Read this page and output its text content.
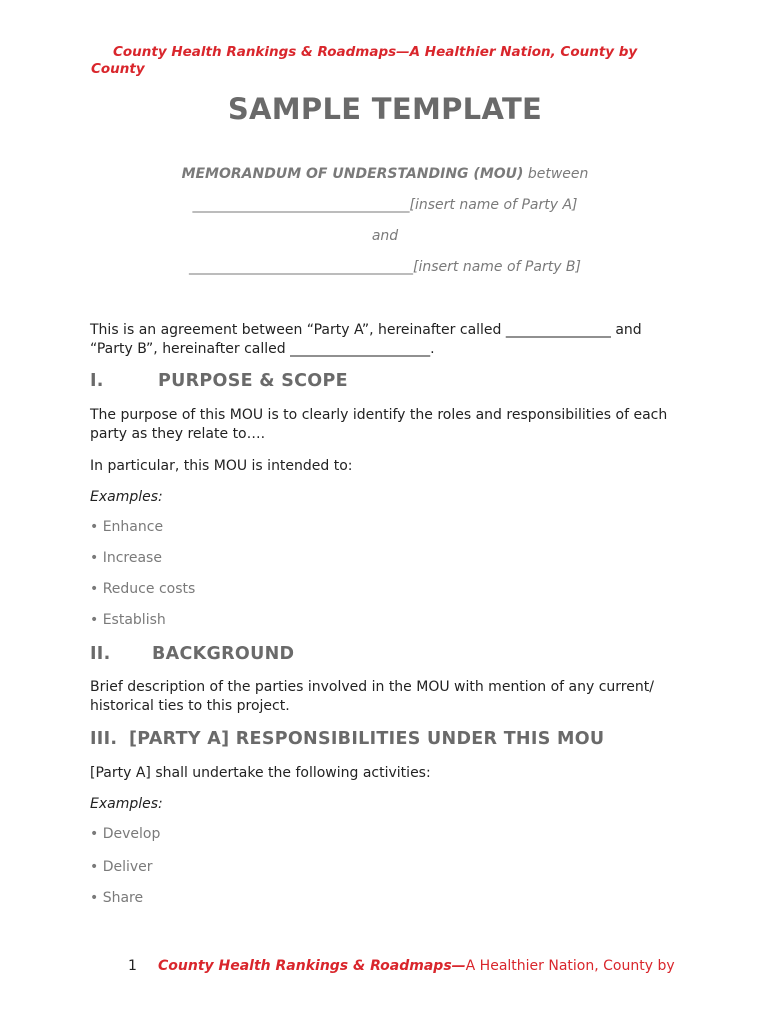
County Health Rankings & Roadmaps—A Healthier Nation, County by
County
SAMPLE TEMPLATE
MEMORANDUM OF UNDERSTANDING (MOU) between
_______________________________[insert name of Party A]
and
________________________________[insert name of Party B]
This is an agreement between “Party A”, hereinafter called _______________ and
“Party B”, hereinafter called ____________________.
I.	PURPOSE & SCOPE
The purpose of this MOU is to clearly identify the roles and responsibilities of each
party as they relate to….
In particular, this MOU is intended to:
Examples:
• Enhance
• Increase
• Reduce costs
• Establish
II. BACKGROUND
Brief description of the parties involved in the MOU with mention of any current/
historical ties to this project.
III. [PARTY A] RESPONSIBILITIES UNDER THIS MOU
[Party A] shall undertake the following activities:
Examples:
• Develop
• Deliver
• Share
1 County Health Rankings & Roadmaps—A Healthier Nation, County by
